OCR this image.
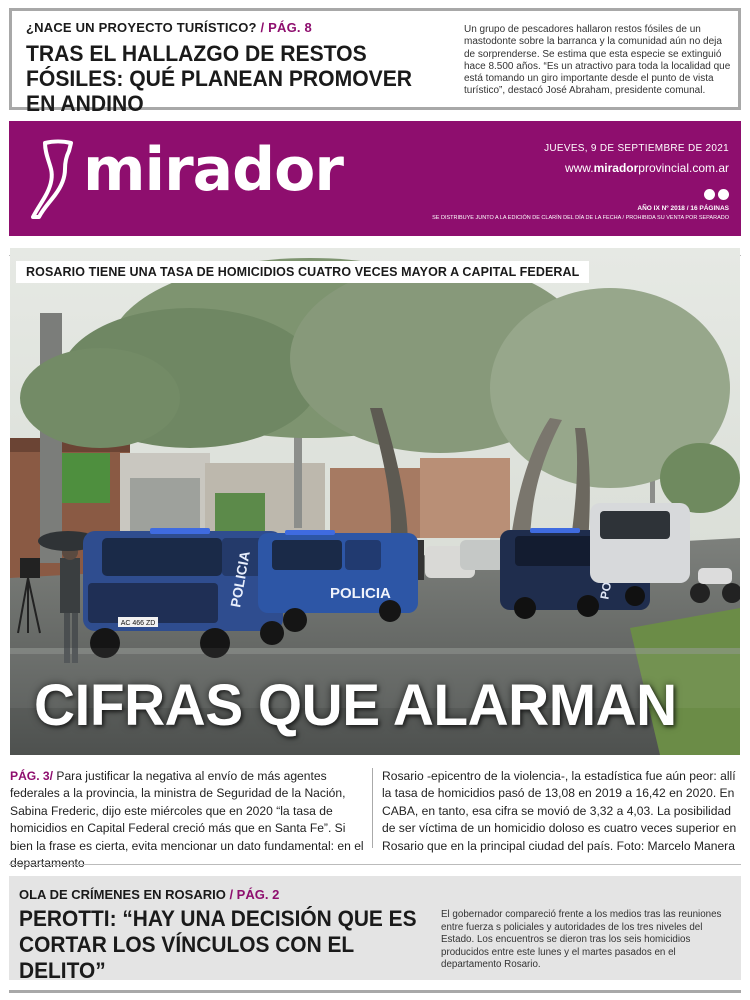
¿NACE UN PROYECTO TURÍSTICO? / PÁG. 8
TRAS EL HALLAZGO DE RESTOS FÓSILES: QUÉ PLANEAN PROMOVER EN ANDINO
Un grupo de pescadores hallaron restos fósiles de un mastodonte sobre la barranca y la comunidad aún no deja de sorprenderse. Se estima que esta especie se extinguió hace 8.500 años. “Es un atractivo para toda la localidad que está tomando un giro importante desde el punto de vista turístico”, destacó José Abraham, presidente comunal.
mirador	JUEVES, 9 DE SEPTIEMBRE DE 2021
www.miradorprovincial.com.ar
AÑO IX Nº 2018 / 16 PÁGINAS
SE DISTRIBUYE JUNTO A LA EDICIÓN DE CLARÍN DEL DÍA DE LA FECHA / PROHIBIDA SU VENTA POR SEPARADO
AC 466 ZD
POLICIA	POLICIA
ROSARIO TIENE UNA TASA DE HOMICIDIOS CUATRO VECES MAYOR A CAPITAL FEDERAL
CIFRAS QUE ALARMAN
PÁG. 3/ Para justificar la negativa al envío de más agentes federales a la provincia, la ministra de Seguridad de la Nación, Sabina Frederic, dijo este miércoles que en 2020 “la tasa de homicidios en Capital Federal creció más que en Santa Fe”. Si bien la frase es cierta, evita mencionar un dato fundamental: en el
Rosario -epicentro de la violencia-, la estadística fue aún peor: allí la tasa de homicidios pasó de 13,08 en 2019 a 16,42 en 2020. En CABA, en tanto, esa cifra se movió de 3,32 a 4,03. La posibilidad de ser víctima de un homicidio doloso es cuatro veces superior en Rosario que en la principal ciudad del país. Foto: Marcelo Manera
OLA DE CRÍMENES EN ROSARIO / PÁG. 2
PEROTTI: “HAY UNA DECISIÓN QUE ES CORTAR LOS VÍNCULOS CON EL DELITO”
El gobernador compareció frente a los medios tras las reuniones entre fuerza s policiales y autoridades de los tres niveles del Estado. Los encuentros se dieron tras los seis homicidios producidos entre este lunes y el martes pasados en el departamento Rosario.
